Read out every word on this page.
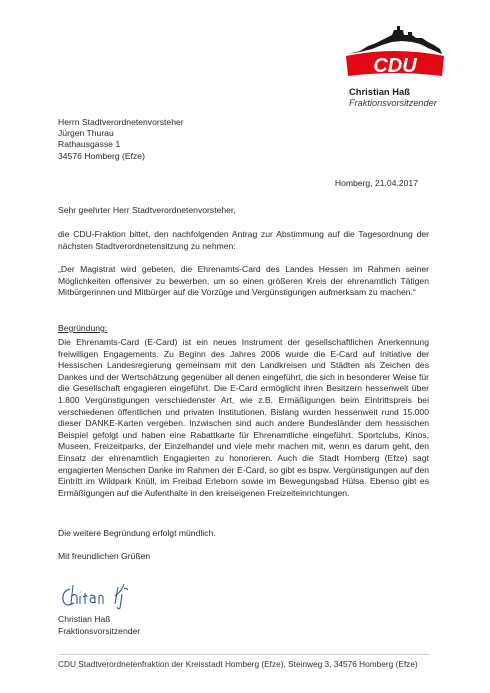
CDU
Christian Haß
Fraktionsvorsitzender
Herrn Stadtverordnetenvorsteher
Jürgen Thurau
Rathausgasse 1
34576 Homberg (Efze)
Homberg, 21.04.2017
Sehr geehrter Herr Stadtverordnetenvorsteher,
die CDU-Fraktion bittet, den nachfolgenden Antrag zur Abstimmung auf die Tagesordnung der nächsten Stadtverordnetensitzung zu nehmen:
„Der Magistrat wird gebeten, die Ehrenamts-Card des Landes Hessen im Rahmen seiner Möglichkeiten offensiver zu bewerben, um so einen größeren Kreis der ehrenamtlich Tätigen Mitbürgerinnen und Mitbürger auf die Vorzüge und Vergünstigungen aufmerksam zu machen.“
Begründung:
Die Ehrenamts-Card (E-Card) ist ein neues Instrument der gesellschaftlichen Anerkennung freiwilligen Engagements. Zu Beginn des Jahres 2006 wurde die E-Card auf Initiative der Hessischen Landesregierung gemeinsam mit den Landkreisen und Städten als Zeichen des Dankes und der Wertschätzung gegenüber all denen eingeführt, die sich in besonderer Weise für die Gesellschaft engagieren eingeführt. Die E-Card ermöglicht ihren Besitzern hessenweit über 1.800 Vergünstigungen verschiedenster Art, wie z.B. Ermäßigungen beim Eintrittspreis bei verschiedenen öffentlichen und privaten Institutionen. Bislang wurden hessenweit rund 15.000 dieser DANKE-Karten vergeben. Inzwischen sind auch andere Bundesländer dem hessischen Beispiel gefolgt und haben eine Rabattkarte für Ehrenamtliche eingeführt. Sportclubs, Kinos, Museen, Freizeitparks, der Einzelhandel und viele mehr machen mit, wenn es darum geht, den Einsatz der ehrenamtlich Engagierten zu honorieren. Auch die Stadt Homberg (Efze) sagt engagierten Menschen Danke im Rahmen der E-Card, so gibt es bspw. Vergünstigungen auf den Eintritt im Wildpark Knüll, im Freibad Erleborn sowie im Bewegungsbad Hülsa. Ebenso gibt es Ermäßigungen auf die Aufenthalte in den kreiseigenen Freizeiteinrichtungen.
Die weitere Begründung erfolgt mündlich.
Mit freundlichen Grüßen
Christian Haß
Fraktionsvorsitzender
CDU Stadtverordnetenfraktion der Kreisstadt Homberg (Efze), Steinweg 3, 34576 Homberg (Efze)
